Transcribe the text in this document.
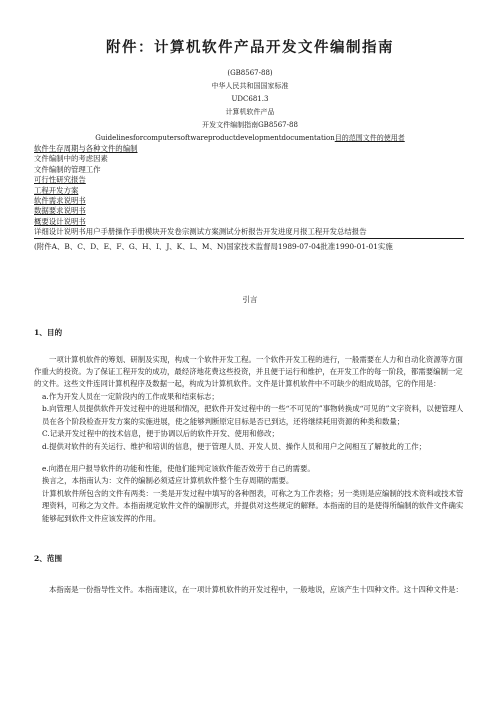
附件：计算机软件产品开发文件编制指南
(GB8567-88)
中华人民共和国国家标准
UDC681.3
计算机软件产品
开发文件编制指南GB8567-88
Guidelinesforcomputersoftwareproductdevelopmentdocumentation目的范围文件的使用者
软件生存周期与各种文件的编制
文件编制中的考虑因素
文件编制的管理工作
可行性研究报告
工程开发方案
软件需求说明书
数据要求说明书
概要设计说明书
详细设计说明书用户手册操作手册模块开发卷宗测试方案测试分析报告开发进度月报工程开发总结报告
(附件A、B、C、D、E、F、G、H、I、J、K、L、M、N)国家技术监督局1989-07-04批准1990-01-01实施
引言
1、目的

一项计算机软件的筹划、研制及实现，构成一个软件开发工程。一个软件开发工程的进行，一般需要在人力和自动化资源等方面作重大的投资。为了保证工程开发的成功，最经济地花费这些投资，并且便于运行和维护，在开发工作的每一阶段，都需要编制一定的文件。这些文件连同计算机程序及数据一起，构成为计算机软件。文件是计算机软件中不可缺少的组成局部，它的作用是：

a.作为开发人员在一定阶段内的工作成果和结束标志；

b.向管理人员提供软件开发过程中的进展和情况，把软件开发过程中的一些“不可见的”事物转换成“可见的”文字资料，以便管理人员在各个阶段检查开发方案的实施进展，使之能够判断原定目标是否已到达，还将继续耗用资源的种类和数量；

C.记录开发过程中的技术信息，便于协调以后的软件开发、使用和修改；

d.提供对软件的有关运行、维护和培训的信息，便于管理人员、开发人员、操作人员和用户之间相互了解彼此的工作；

e.向潜在用户报导软件的功能和性能，使他们能判定该软件能否效劳于自己的需要。

换言之，本指南认为：文件的编制必须适应计算机软件整个生存周期的需要。

计算机软件所包含的文件有两类：一类是开发过程中填写的各种图表，可称之为工作表格；另一类则是应编制的技术资料或技术管理资料，可称之为文件。本指南规定软件文件的编制形式，并提供对这些规定的解释。本指南的目的是使得所编制的软件文件确实能够起到软件文件应该发挥的作用。

2、范围

本指南是一份指导性文件。本指南建议，在一项计算机软件的开发过程中，一般地说，应该产生十四种文件。这十四种文件是：
